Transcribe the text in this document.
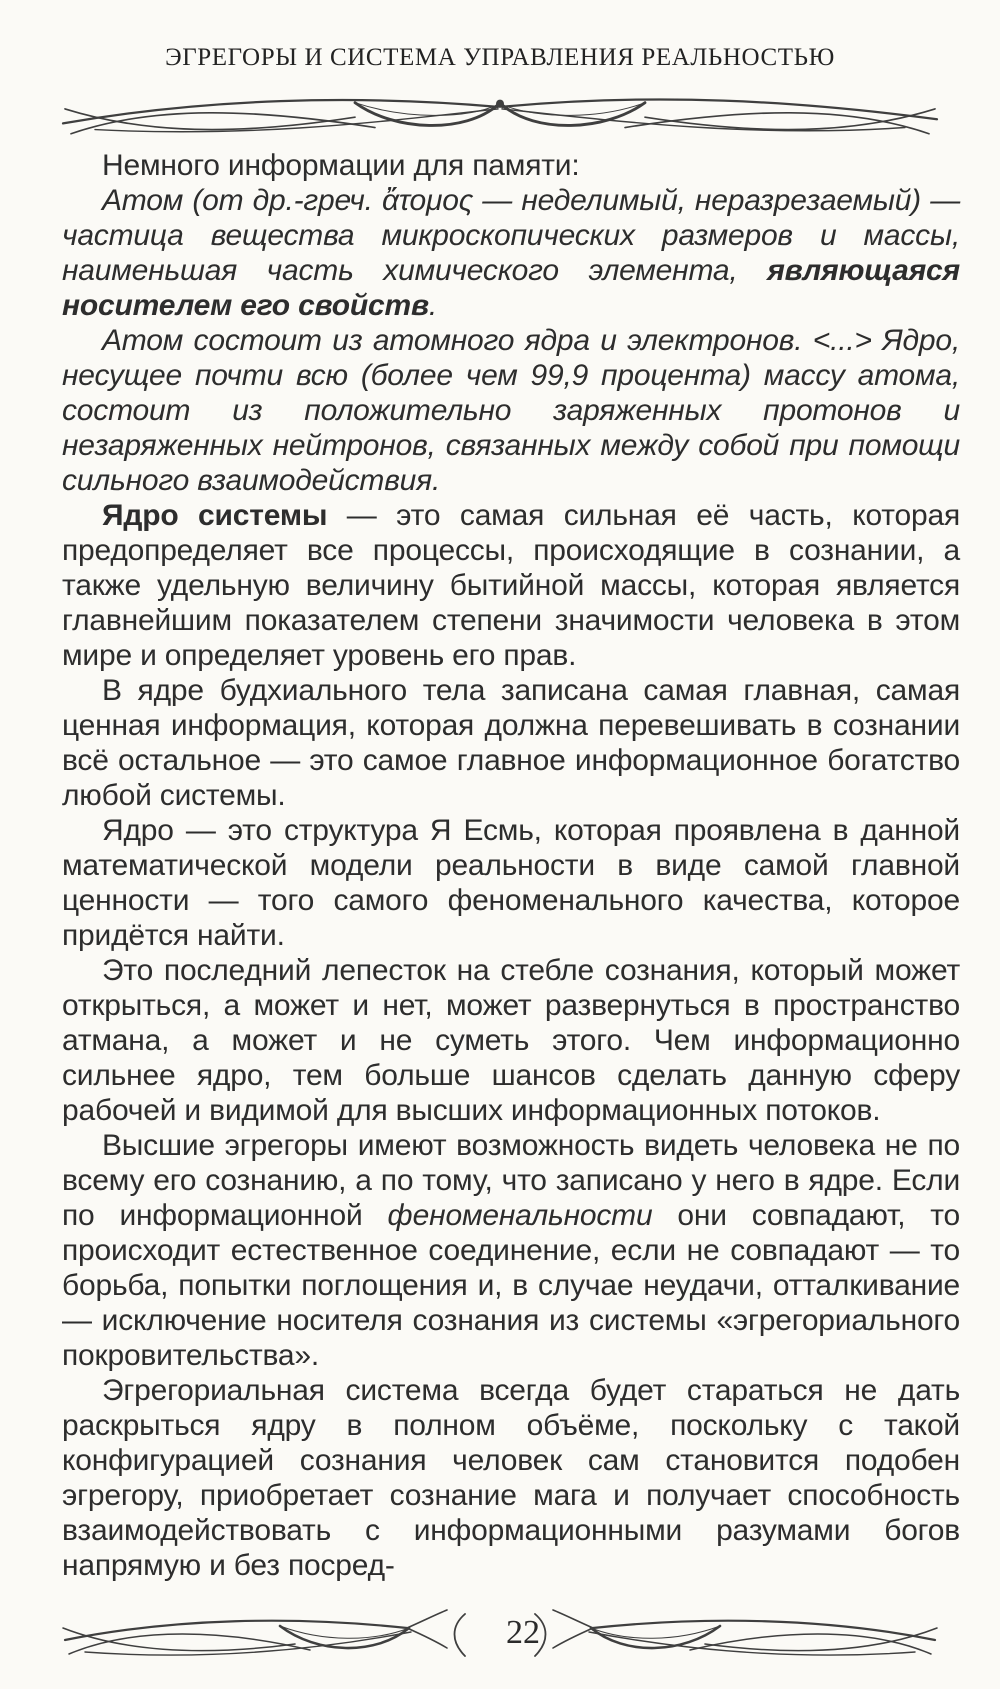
ЭГРЕГОРЫ И СИСТЕМА УПРАВЛЕНИЯ РЕАЛЬНОСТЬЮ

Немного информации для памяти:

Атом (от др.-греч. ἄτομος — неделимый, неразрезаемый) — частица вещества микроскопических размеров и массы, наименьшая часть химического элемента, являющаяся носителем его свойств.

Атом состоит из атомного ядра и электронов. <...> Ядро, несущее почти всю (более чем 99,9 процента) массу атома, состоит из положительно заряженных протонов и незаряженных нейтронов, связанных между собой при помощи сильного взаимодействия.

Ядро системы — это самая сильная её часть, которая предопределяет все процессы, происходящие в сознании, а также удельную величину бытийной массы, которая является главнейшим показателем степени значимости человека в этом мире и определяет уровень его прав.

В ядре будхиального тела записана самая главная, самая ценная информация, которая должна перевешивать в сознании всё остальное — это самое главное информационное богатство любой системы.

Ядро — это структура Я Есмь, которая проявлена в данной математической модели реальности в виде самой главной ценности — того самого феноменального качества, которое придётся найти.

Это последний лепесток на стебле сознания, который может открыться, а может и нет, может развернуться в пространство атмана, а может и не суметь этого. Чем информационно сильнее ядро, тем больше шансов сделать данную сферу рабочей и видимой для высших информационных потоков.

Высшие эгрегоры имеют возможность видеть человека не по всему его сознанию, а по тому, что записано у него в ядре. Если по информационной феноменальности они совпадают, то происходит естественное соединение, если не совпадают — то борьба, попытки поглощения и, в случае неудачи, отталкивание — исключение носителя сознания из системы «эгрегориального покровительства».

Эгрегориальная система всегда будет стараться не дать раскрыться ядру в полном объёме, поскольку с такой конфигурацией сознания человек сам становится подобен эгрегору, приобретает сознание мага и получает способность взаимодействовать с информационными разумами богов напрямую и без посред-

22
